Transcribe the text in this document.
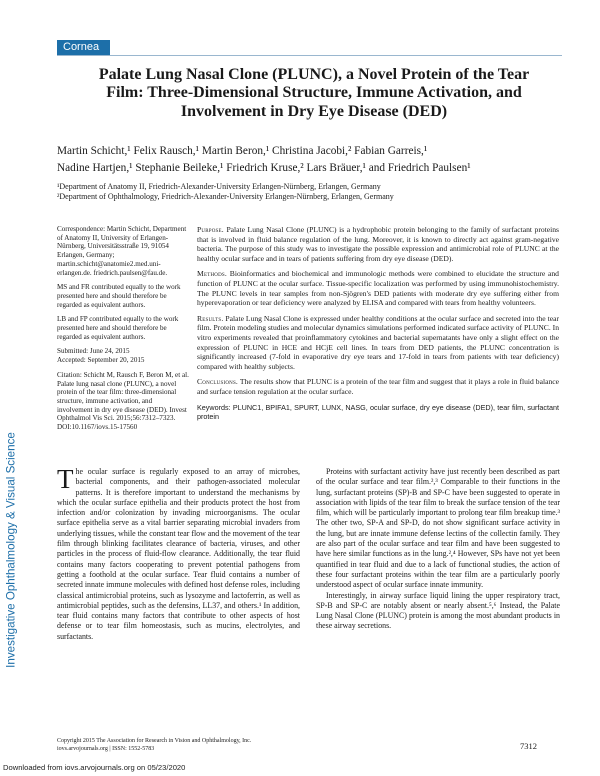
Investigative Ophthalmology & Visual Science
Cornea
Palate Lung Nasal Clone (PLUNC), a Novel Protein of the Tear Film: Three-Dimensional Structure, Immune Activation, and Involvement in Dry Eye Disease (DED)
Martin Schicht,¹ Felix Rausch,¹ Martin Beron,¹ Christina Jacobi,² Fabian Garreis,¹
Nadine Hartjen,¹ Stephanie Beileke,¹ Friedrich Kruse,² Lars Bräuer,¹ and Friedrich Paulsen¹
¹Department of Anatomy II, Friedrich-Alexander-University Erlangen-Nürnberg, Erlangen, Germany
²Department of Ophthalmology, Friedrich-Alexander-University Erlangen-Nürnberg, Erlangen, Germany

Correspondence: Martin Schicht, Department of Anatomy II, University of Erlangen-Nürnberg, Universitätsstraße 19, 91054 Erlangen, Germany; martin.schicht@anatomie2.med.uni-erlangen.de. friedrich.paulsen@fau.de.

MS and FR contributed equally to the work presented here and should therefore be regarded as equivalent authors.

LB and FP contributed equally to the work presented here and should therefore be regarded as equivalent authors.

Submitted: June 24, 2015
Accepted: September 20, 2015

Citation: Schicht M, Rausch F, Beron M, et al. Palate lung nasal clone (PLUNC), a novel protein of the tear film: three-dimensional structure, immune activation, and involvement in dry eye disease (DED). Invest Ophthalmol Vis Sci. 2015;56:7312–7323. DOI:10.1167/iovs.15-17560

Purpose. Palate Lung Nasal Clone (PLUNC) is a hydrophobic protein belonging to the family of surfactant proteins that is involved in fluid balance regulation of the lung. Moreover, it is known to directly act against gram-negative bacteria. The purpose of this study was to investigate the possible expression and antimicrobial role of PLUNC at the healthy ocular surface and in tears of patients suffering from dry eye disease (DED).

Methods. Bioinformatics and biochemical and immunologic methods were combined to elucidate the structure and function of PLUNC at the ocular surface. Tissue-specific localization was performed by using immunohistochemistry. The PLUNC levels in tear samples from non-Sjögren's DED patients with moderate dry eye suffering either from hyperevaporation or tear deficiency were analyzed by ELISA and compared with tears from healthy volunteers.

Results. Palate Lung Nasal Clone is expressed under healthy conditions at the ocular surface and secreted into the tear film. Protein modeling studies and molecular dynamics simulations performed indicated surface activity of PLUNC. In vitro experiments revealed that proinflammatory cytokines and bacterial supernatants have only a slight effect on the expression of PLUNC in HCE and HCjE cell lines. In tears from DED patients, the PLUNC concentration is significantly increased (7-fold in evaporative dry eye tears and 17-fold in tears from patients with tear deficiency) compared with healthy subjects.

Conclusions. The results show that PLUNC is a protein of the tear film and suggest that it plays a role in fluid balance and surface tension regulation at the ocular surface.

Keywords: PLUNC1, BPIFA1, SPURT, LUNX, NASG, ocular surface, dry eye disease (DED), tear film, surfactant protein

The ocular surface is regularly exposed to an array of microbes, bacterial components, and their pathogen-associated molecular patterns. It is therefore important to understand the mechanisms by which the ocular surface epithelia and their products protect the host from infection and/or colonization by invading microorganisms. The ocular surface epithelia serve as a vital barrier separating microbial invaders from underlying tissues, while the constant tear flow and the movement of the tear film through blinking facilitates clearance of bacteria, viruses, and other particles in the process of fluid-flow clearance. Additionally, the tear fluid contains many factors cooperating to prevent potential pathogens from getting a foothold at the ocular surface. Tear fluid contains a number of secreted innate immune molecules with defined host defense roles, including classical antimicrobial proteins, such as lysozyme and lactoferrin, as well as antimicrobial peptides, such as the defensins, LL37, and others.¹ In addition, tear fluid contains many factors that contribute to other aspects of host defense or to tear film homeostasis, such as mucins, electrolytes, and surfactants.

Proteins with surfactant activity have just recently been described as part of the ocular surface and tear film.²,³ Comparable to their functions in the lung, surfactant proteins (SP)-B and SP-C have been suggested to operate in association with lipids of the tear film to break the surface tension of the tear film, which will be particularly important to prolong tear film breakup time.³ The other two, SP-A and SP-D, do not show significant surface activity in the lung, but are innate immune defense lectins of the collectin family. They are also part of the ocular surface and tear film and have been suggested to have here similar functions as in the lung.²,⁴ However, SPs have not yet been quantified in tear fluid and due to a lack of functional studies, the action of these four surfactant proteins within the tear film are a particularly poorly understood aspect of ocular surface innate immunity.

Interestingly, in airway surface liquid lining the upper respiratory tract, SP-B and SP-C are notably absent or nearly absent.⁵,⁶ Instead, the Palate Lung Nasal Clone (PLUNC) protein is among the most abundant products in these airway secretions.

Copyright 2015 The Association for Research in Vision and Ophthalmology, Inc.
iovs.arvojournals.org | ISSN: 1552-5783	7312
Downloaded from iovs.arvojournals.org on 05/23/2020
